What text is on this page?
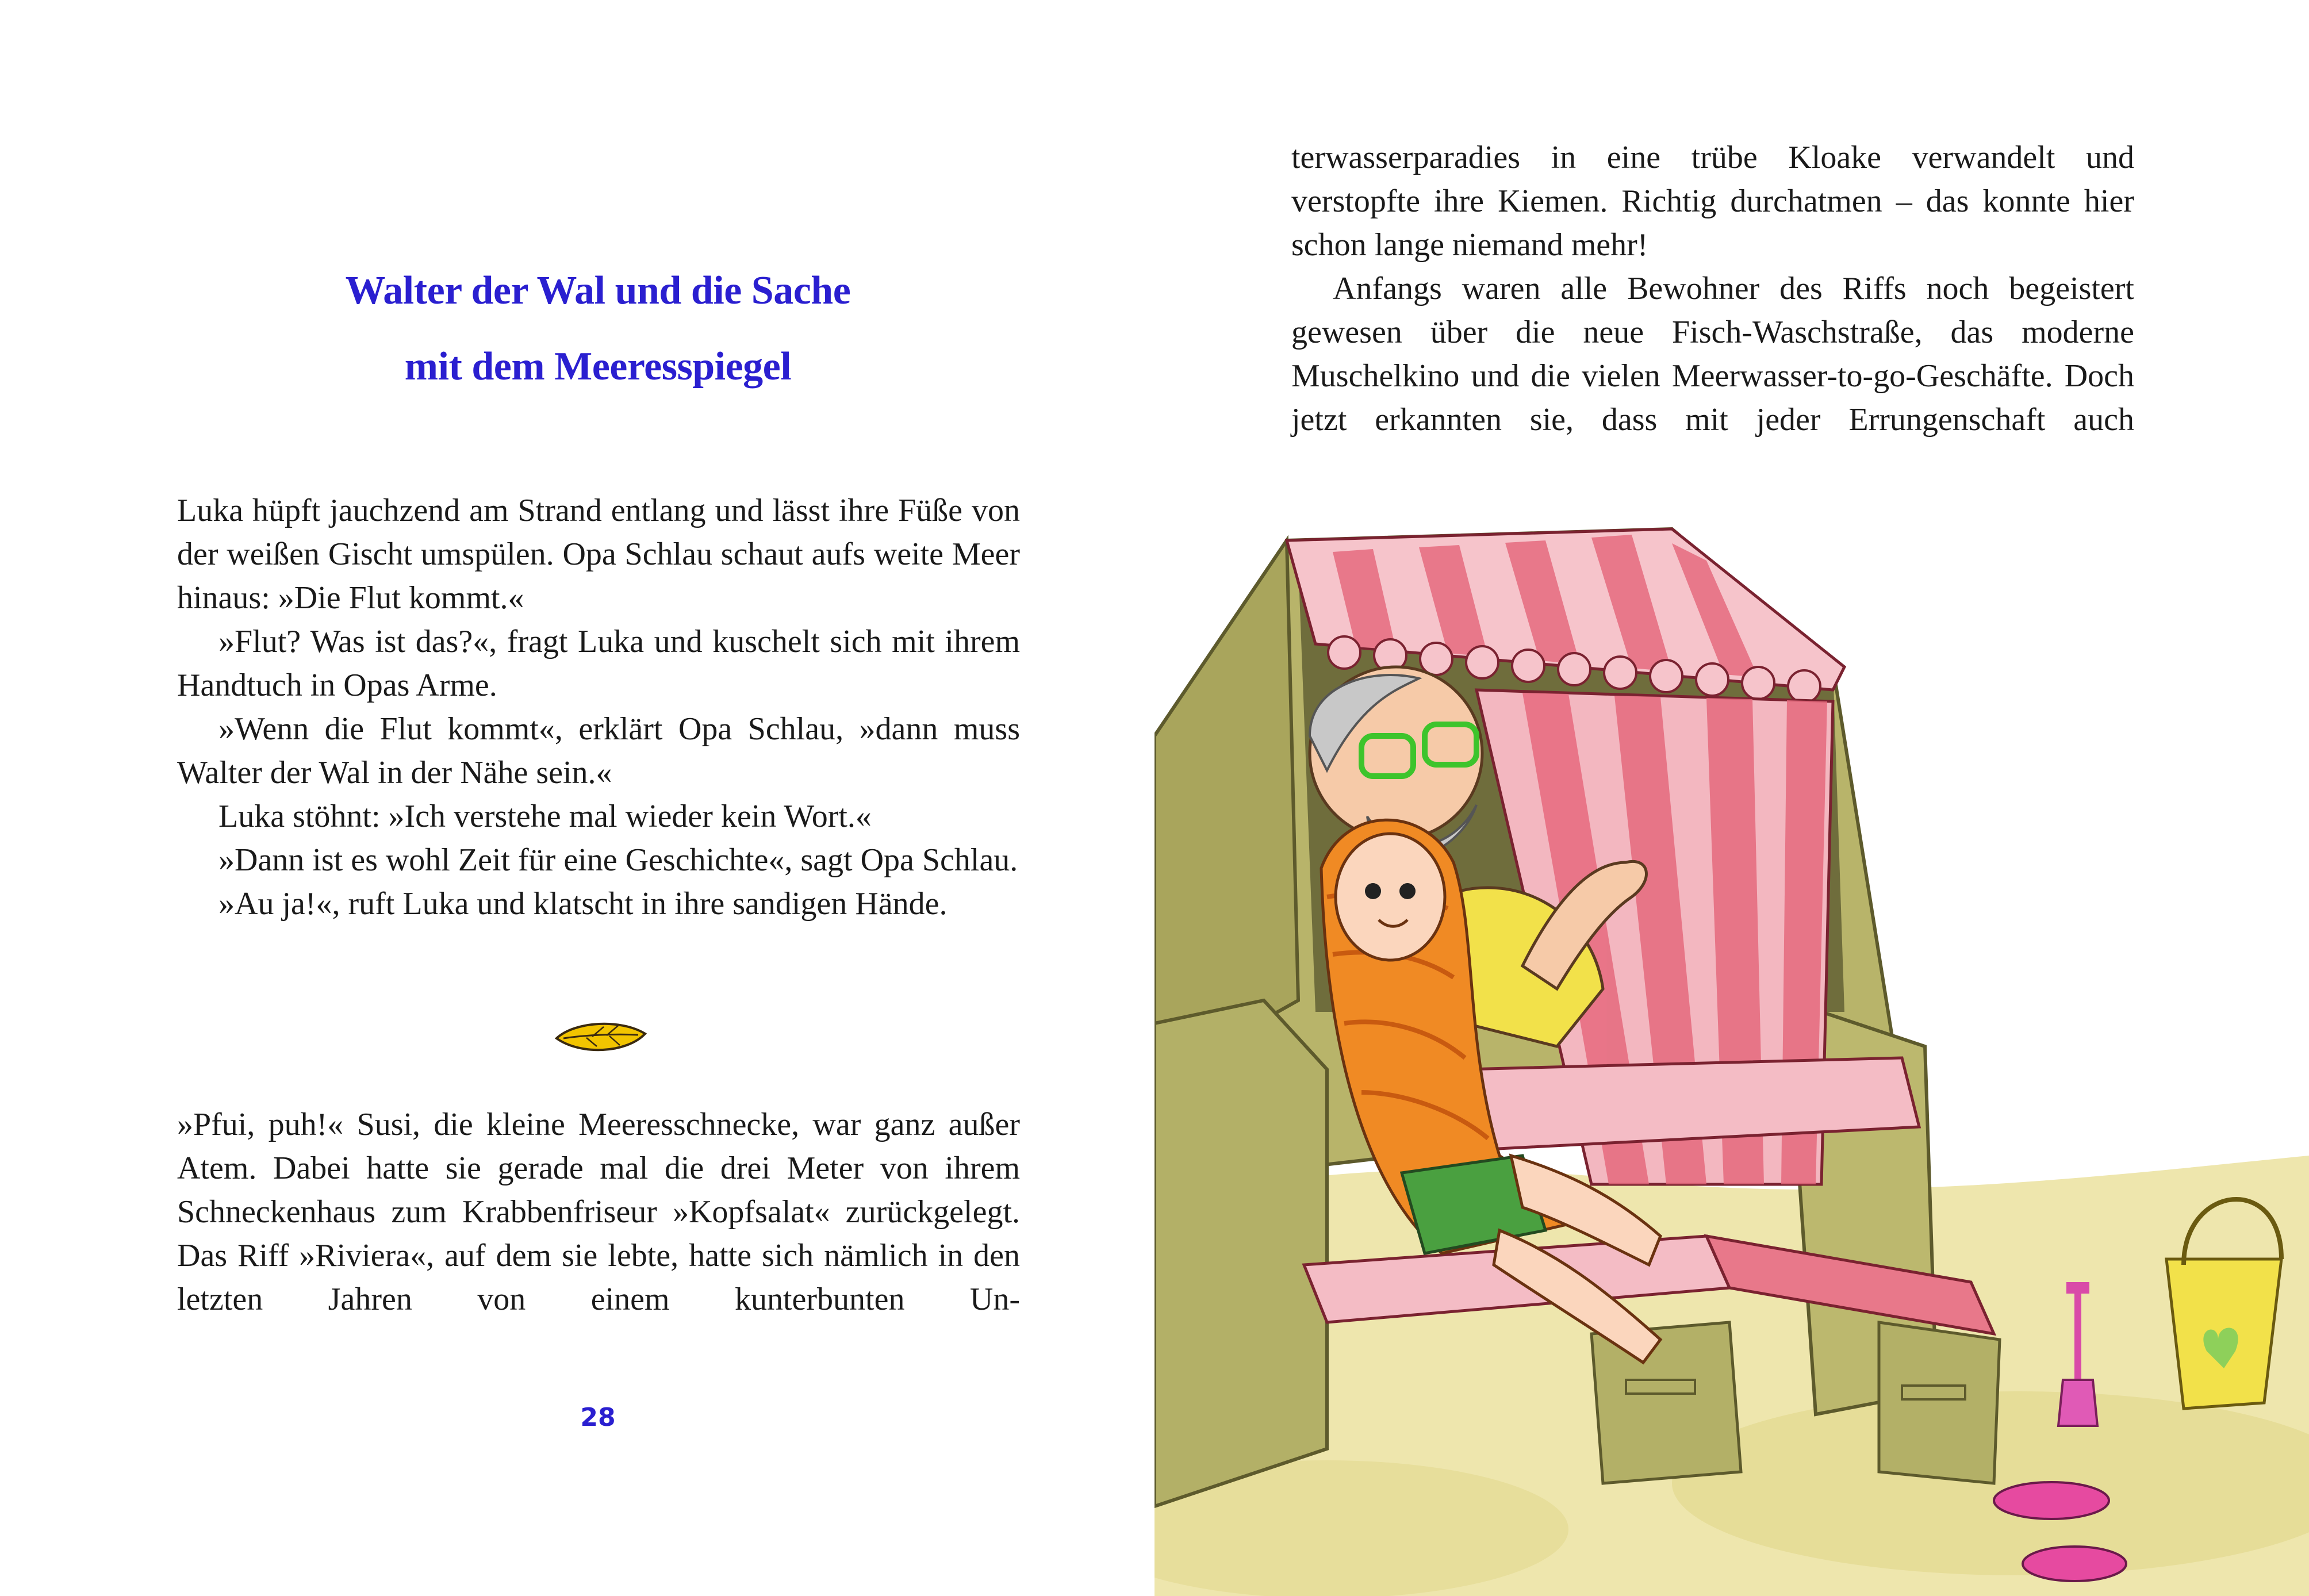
Walter der Wal und die Sache
mit dem Meeresspiegel

Luka hüpft jauchzend am Strand entlang und lässt ihre Füße von der weißen Gischt umspülen. Opa Schlau schaut aufs weite Meer hinaus: »Die Flut kommt.«

»Flut? Was ist das?«, fragt Luka und kuschelt sich mit ihrem Handtuch in Opas Arme.

»Wenn die Flut kommt«, erklärt Opa Schlau, »dann muss Walter der Wal in der Nähe sein.«

Luka stöhnt: »Ich verstehe mal wieder kein Wort.«

»Dann ist es wohl Zeit für eine Geschichte«, sagt Opa Schlau.

»Au ja!«, ruft Luka und klatscht in ihre sandigen Hände.

»Pfui, puh!« Susi, die kleine Meeresschnecke, war ganz außer Atem. Dabei hatte sie gerade mal die drei Meter von ihrem Schneckenhaus zum Krabbenfriseur »Kopfsalat« zurückgelegt. Das Riff »Riviera«, auf dem sie lebte, hatte sich nämlich in den letzten Jahren von einem kunterbunten Un-

28

terwasserparadies in eine trübe Kloake verwandelt und verstopfte ihre Kiemen. Richtig durchatmen – das konnte hier schon lange niemand mehr!

Anfangs waren alle Bewohner des Riffs noch begeistert gewesen über die neue Fisch-Waschstraße, das moderne Muschelkino und die vielen Meerwasser-to-go-Geschäfte. Doch jetzt erkannten sie, dass mit jeder Errungenschaft auch
